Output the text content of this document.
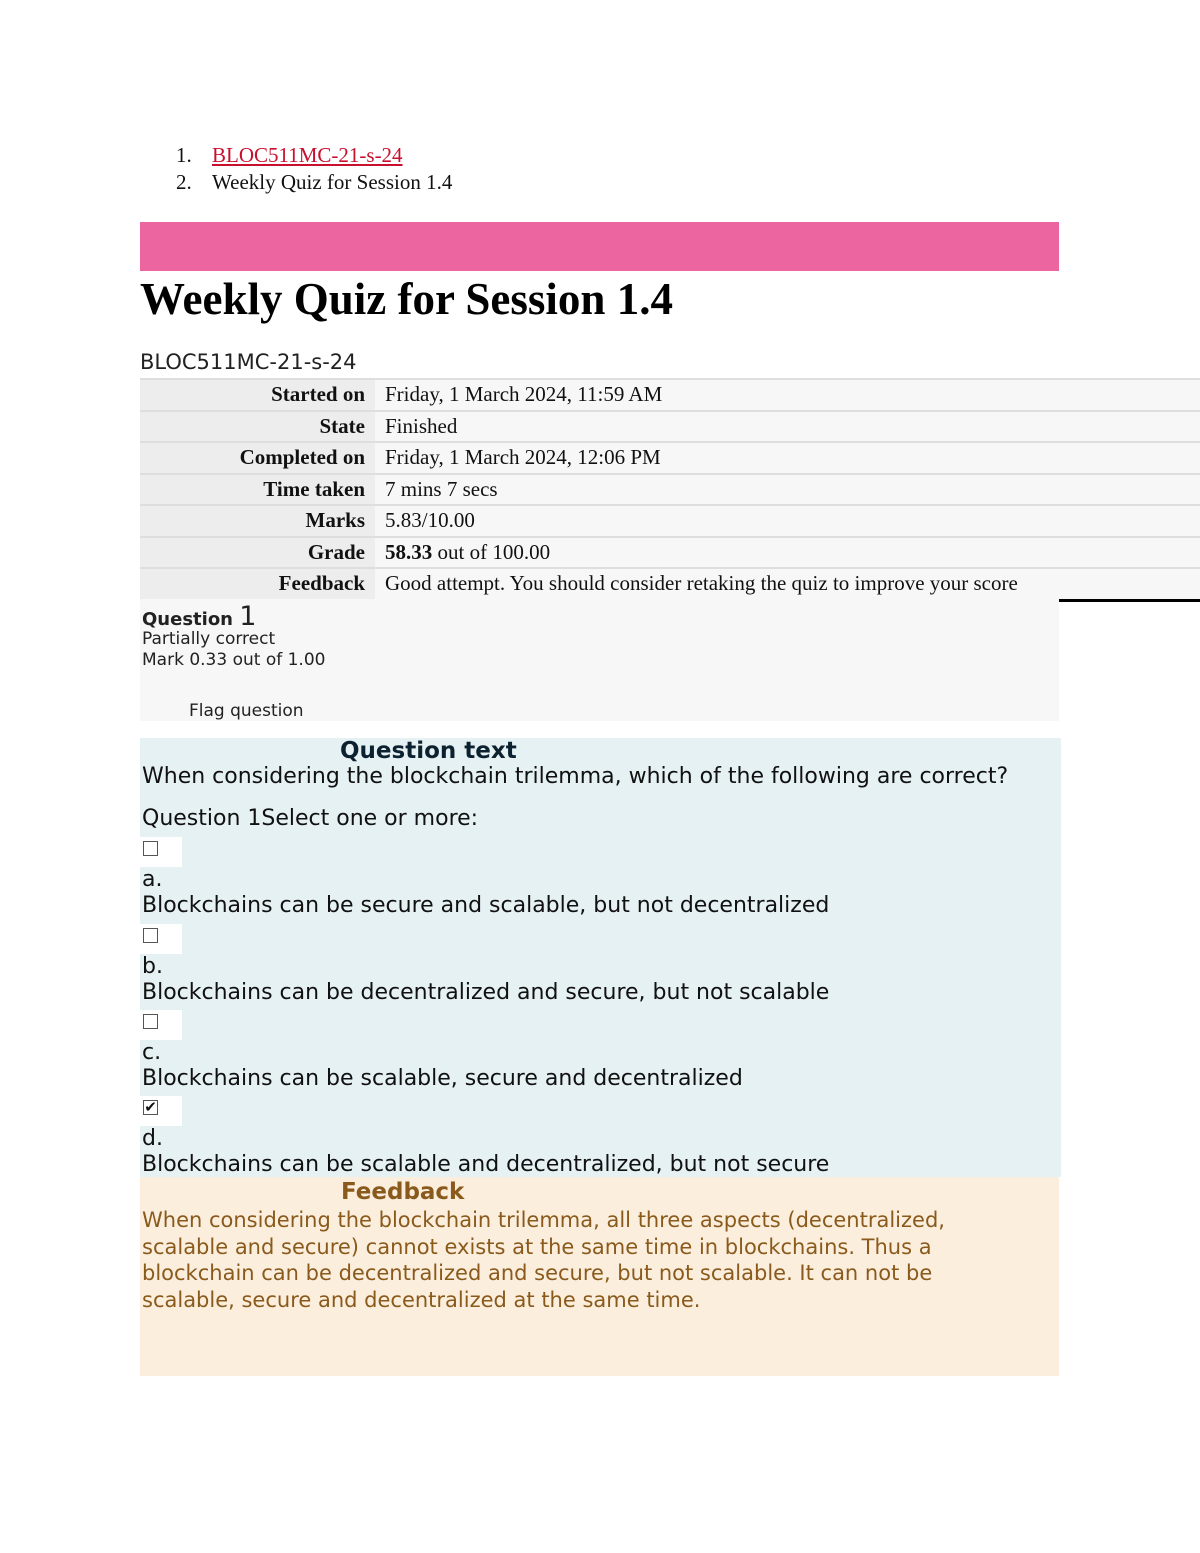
1. BLOC511MC-21-s-24
2. Weekly Quiz for Session 1.4
Weekly Quiz for Session 1.4
BLOC511MC-21-s-24
Started on	Friday, 1 March 2024, 11:59 AM
State	Finished
Completed on	Friday, 1 March 2024, 12:06 PM
Time taken	7 mins 7 secs
Marks	5.83/10.00
Grade	58.33 out of 100.00
Feedback	Good attempt. You should consider retaking the quiz to improve your score
Question 1
Partially correct
Mark 0.33 out of 1.00
Flag question
Question text
When considering the blockchain trilemma, which of the following are correct?
Question 1Select one or more:
a.
Blockchains can be secure and scalable, but not decentralized
b.
Blockchains can be decentralized and secure, but not scalable
c.
Blockchains can be scalable, secure and decentralized
✔
d.
Blockchains can be scalable and decentralized, but not secure
Feedback
When considering the blockchain trilemma, all three aspects (decentralized, scalable and secure) cannot exists at the same time in blockchains. Thus a blockchain can be decentralized and secure, but not scalable. It can not be scalable, secure and decentralized at the same time.
